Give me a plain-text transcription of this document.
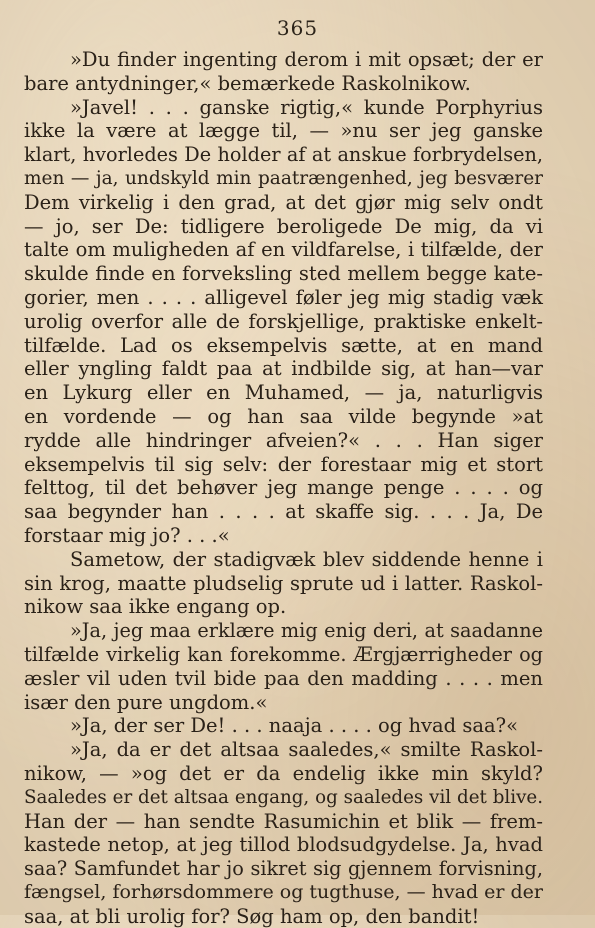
365
»Du finder ingenting derom i mit opsæt; der er
bare antydninger,« bemærkede Raskolnikow.
»Javel! . . . ganske rigtig,« kunde Porphyrius
ikke la være at lægge til, — »nu ser jeg ganske
klart, hvorledes De holder af at anskue forbrydelsen,
men — ja, undskyld min paatrængenhed, jeg besværer
Dem virkelig i den grad, at det gjør mig selv ondt
— jo, ser De: tidligere beroligede De mig, da vi
talte om muligheden af en vildfarelse, i tilfælde, der
skulde finde en forveksling sted mellem begge kate-
gorier, men . . . . alligevel føler jeg mig stadig væk
urolig overfor alle de forskjellige, praktiske enkelt-
tilfælde. Lad os eksempelvis sætte, at en mand
eller yngling faldt paa at indbilde sig, at han—var
en Lykurg eller en Muhamed, — ja, naturligvis
en vordende — og han saa vilde begynde »at
rydde alle hindringer afveien?« . . . Han siger
eksempelvis til sig selv: der forestaar mig et stort
felttog, til det behøver jeg mange penge . . . . og
saa begynder han . . . . at skaffe sig. . . . Ja, De
forstaar mig jo? . . .«
Sametow, der stadigvæk blev siddende henne i
sin krog, maatte pludselig sprute ud i latter. Raskol-
nikow saa ikke engang op.
»Ja, jeg maa erklære mig enig deri, at saadanne
tilfælde virkelig kan forekomme. Ærgjærrigheder og
æsler vil uden tvil bide paa den madding . . . . men
især den pure ungdom.«
»Ja, der ser De! . . . naaja . . . . og hvad saa?«
»Ja, da er det altsaa saaledes,« smilte Raskol-
nikow, — »og det er da endelig ikke min skyld?
Saaledes er det altsaa engang, og saaledes vil det blive.
Han der — han sendte Rasumichin et blik — frem-
kastede netop, at jeg tillod blodsudgydelse. Ja, hvad
saa? Samfundet har jo sikret sig gjennem forvisning,
fængsel, forhørsdommere og tugthuse, — hvad er der
saa, at bli urolig for? Søg ham op, den bandit!
